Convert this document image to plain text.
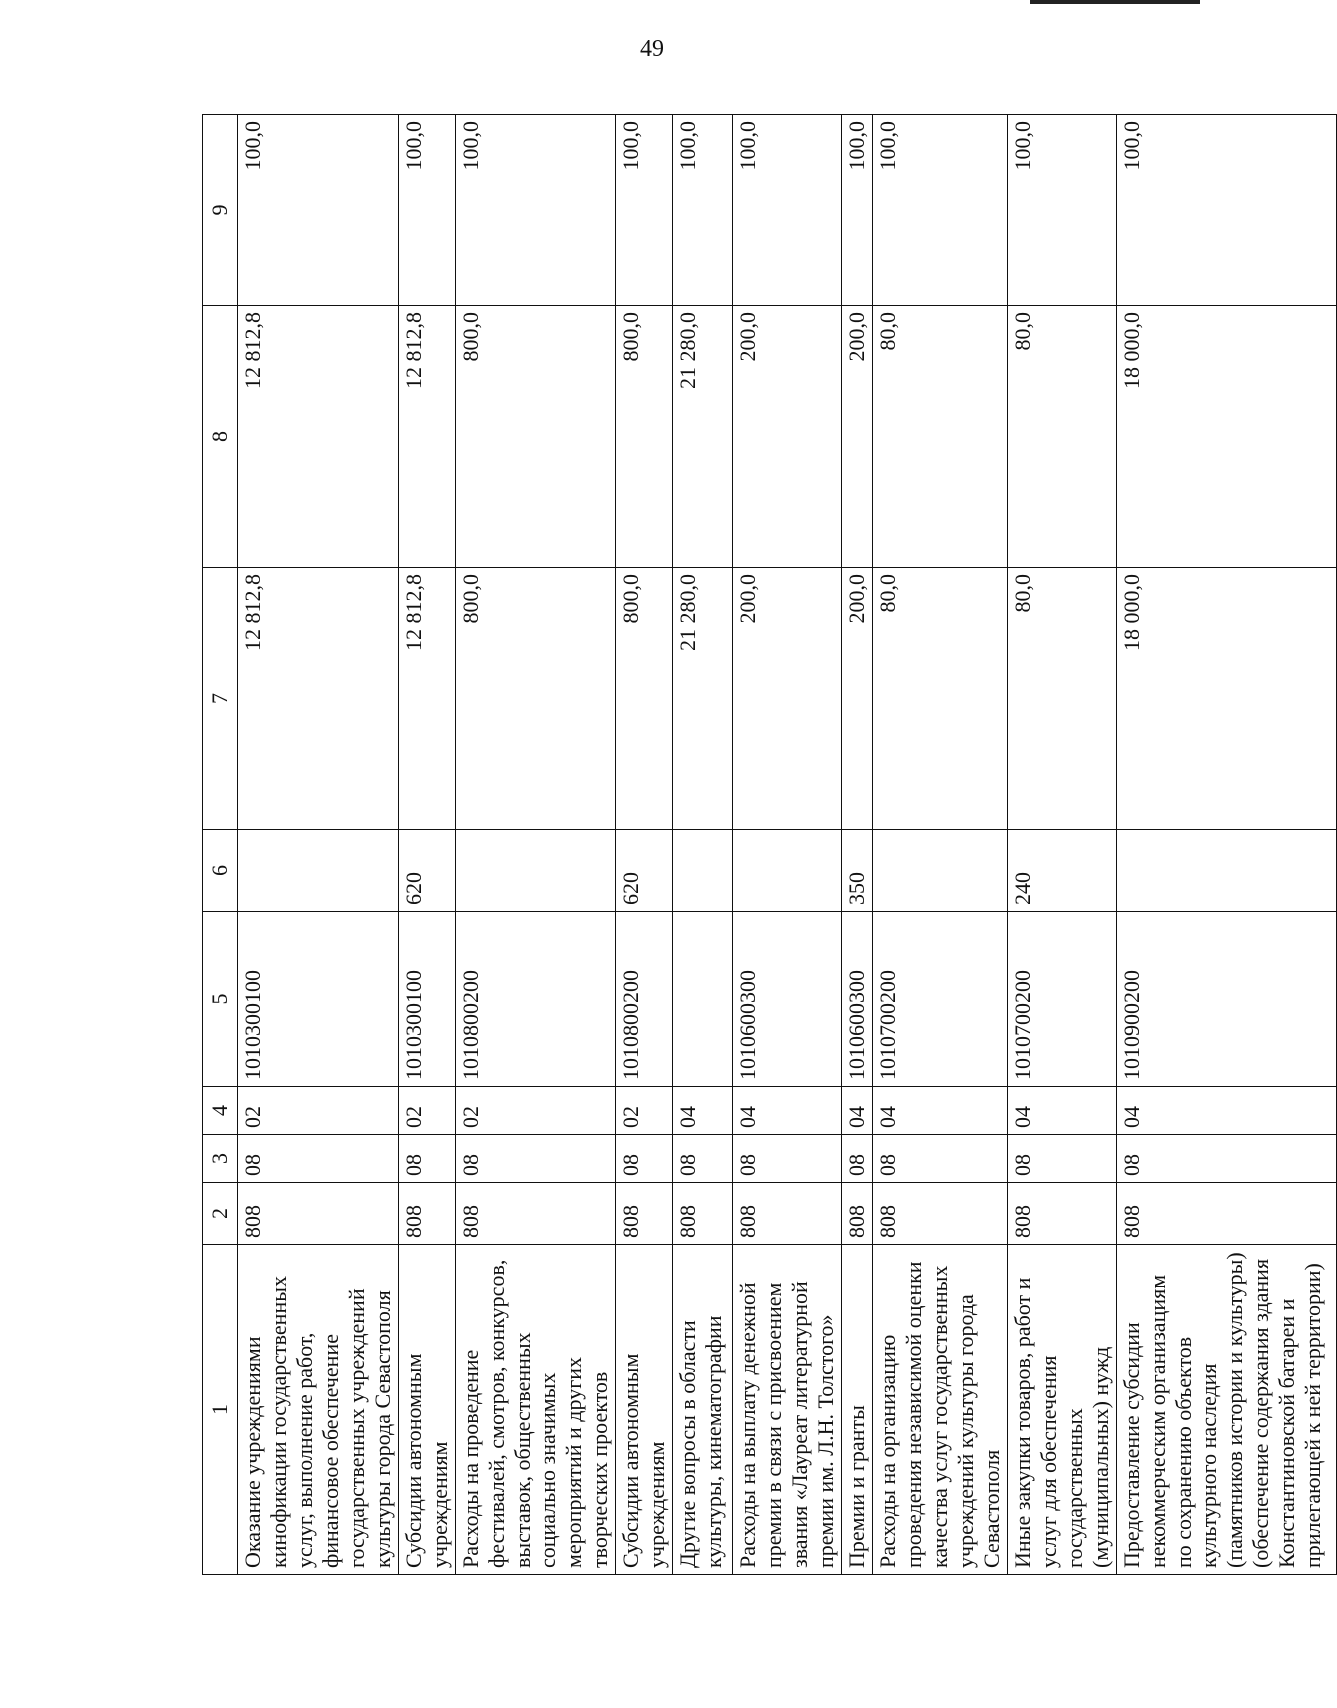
49
1	2	3	4	5	6	7	8	9
Оказание учреждениями кинофикации государственных услуг, выполнение работ, финансовое обеспечение государственных учреждений культуры города Севастополя	808	08	02	1010300100		12 812,8	12 812,8	100,0
Субсидии автономным учреждениям	808	08	02	1010300100	620	12 812,8	12 812,8	100,0
Расходы на проведение фестивалей, смотров, конкурсов, выставок, общественных социально значимых мероприятий и других творческих проектов	808	08	02	1010800200		800,0	800,0	100,0
Субсидии автономным учреждениям	808	08	02	1010800200	620	800,0	800,0	100,0
Другие вопросы в области культуры, кинематографии	808	08	04			21 280,0	21 280,0	100,0
Расходы на выплату денежной премии в связи с присвоением звания «Лауреат литературной премии им. Л.Н. Толстого»	808	08	04	1010600300		200,0	200,0	100,0
Премии и гранты	808	08	04	1010600300	350	200,0	200,0	100,0
Расходы на организацию проведения независимой оценки качества услуг государственных учреждений культуры города Севастополя	808	08	04	1010700200		80,0	80,0	100,0
Иные закупки товаров, работ и услуг для обеспечения государственных (муниципальных) нужд	808	08	04	1010700200	240	80,0	80,0	100,0
Предоставление субсидии некоммерческим организациям по сохранению объектов культурного наследия (памятников истории и культуры) (обеспечение содержания здания Константиновской батареи и прилегающей к ней территории)	808	08	04	1010900200		18 000,0	18 000,0	100,0
